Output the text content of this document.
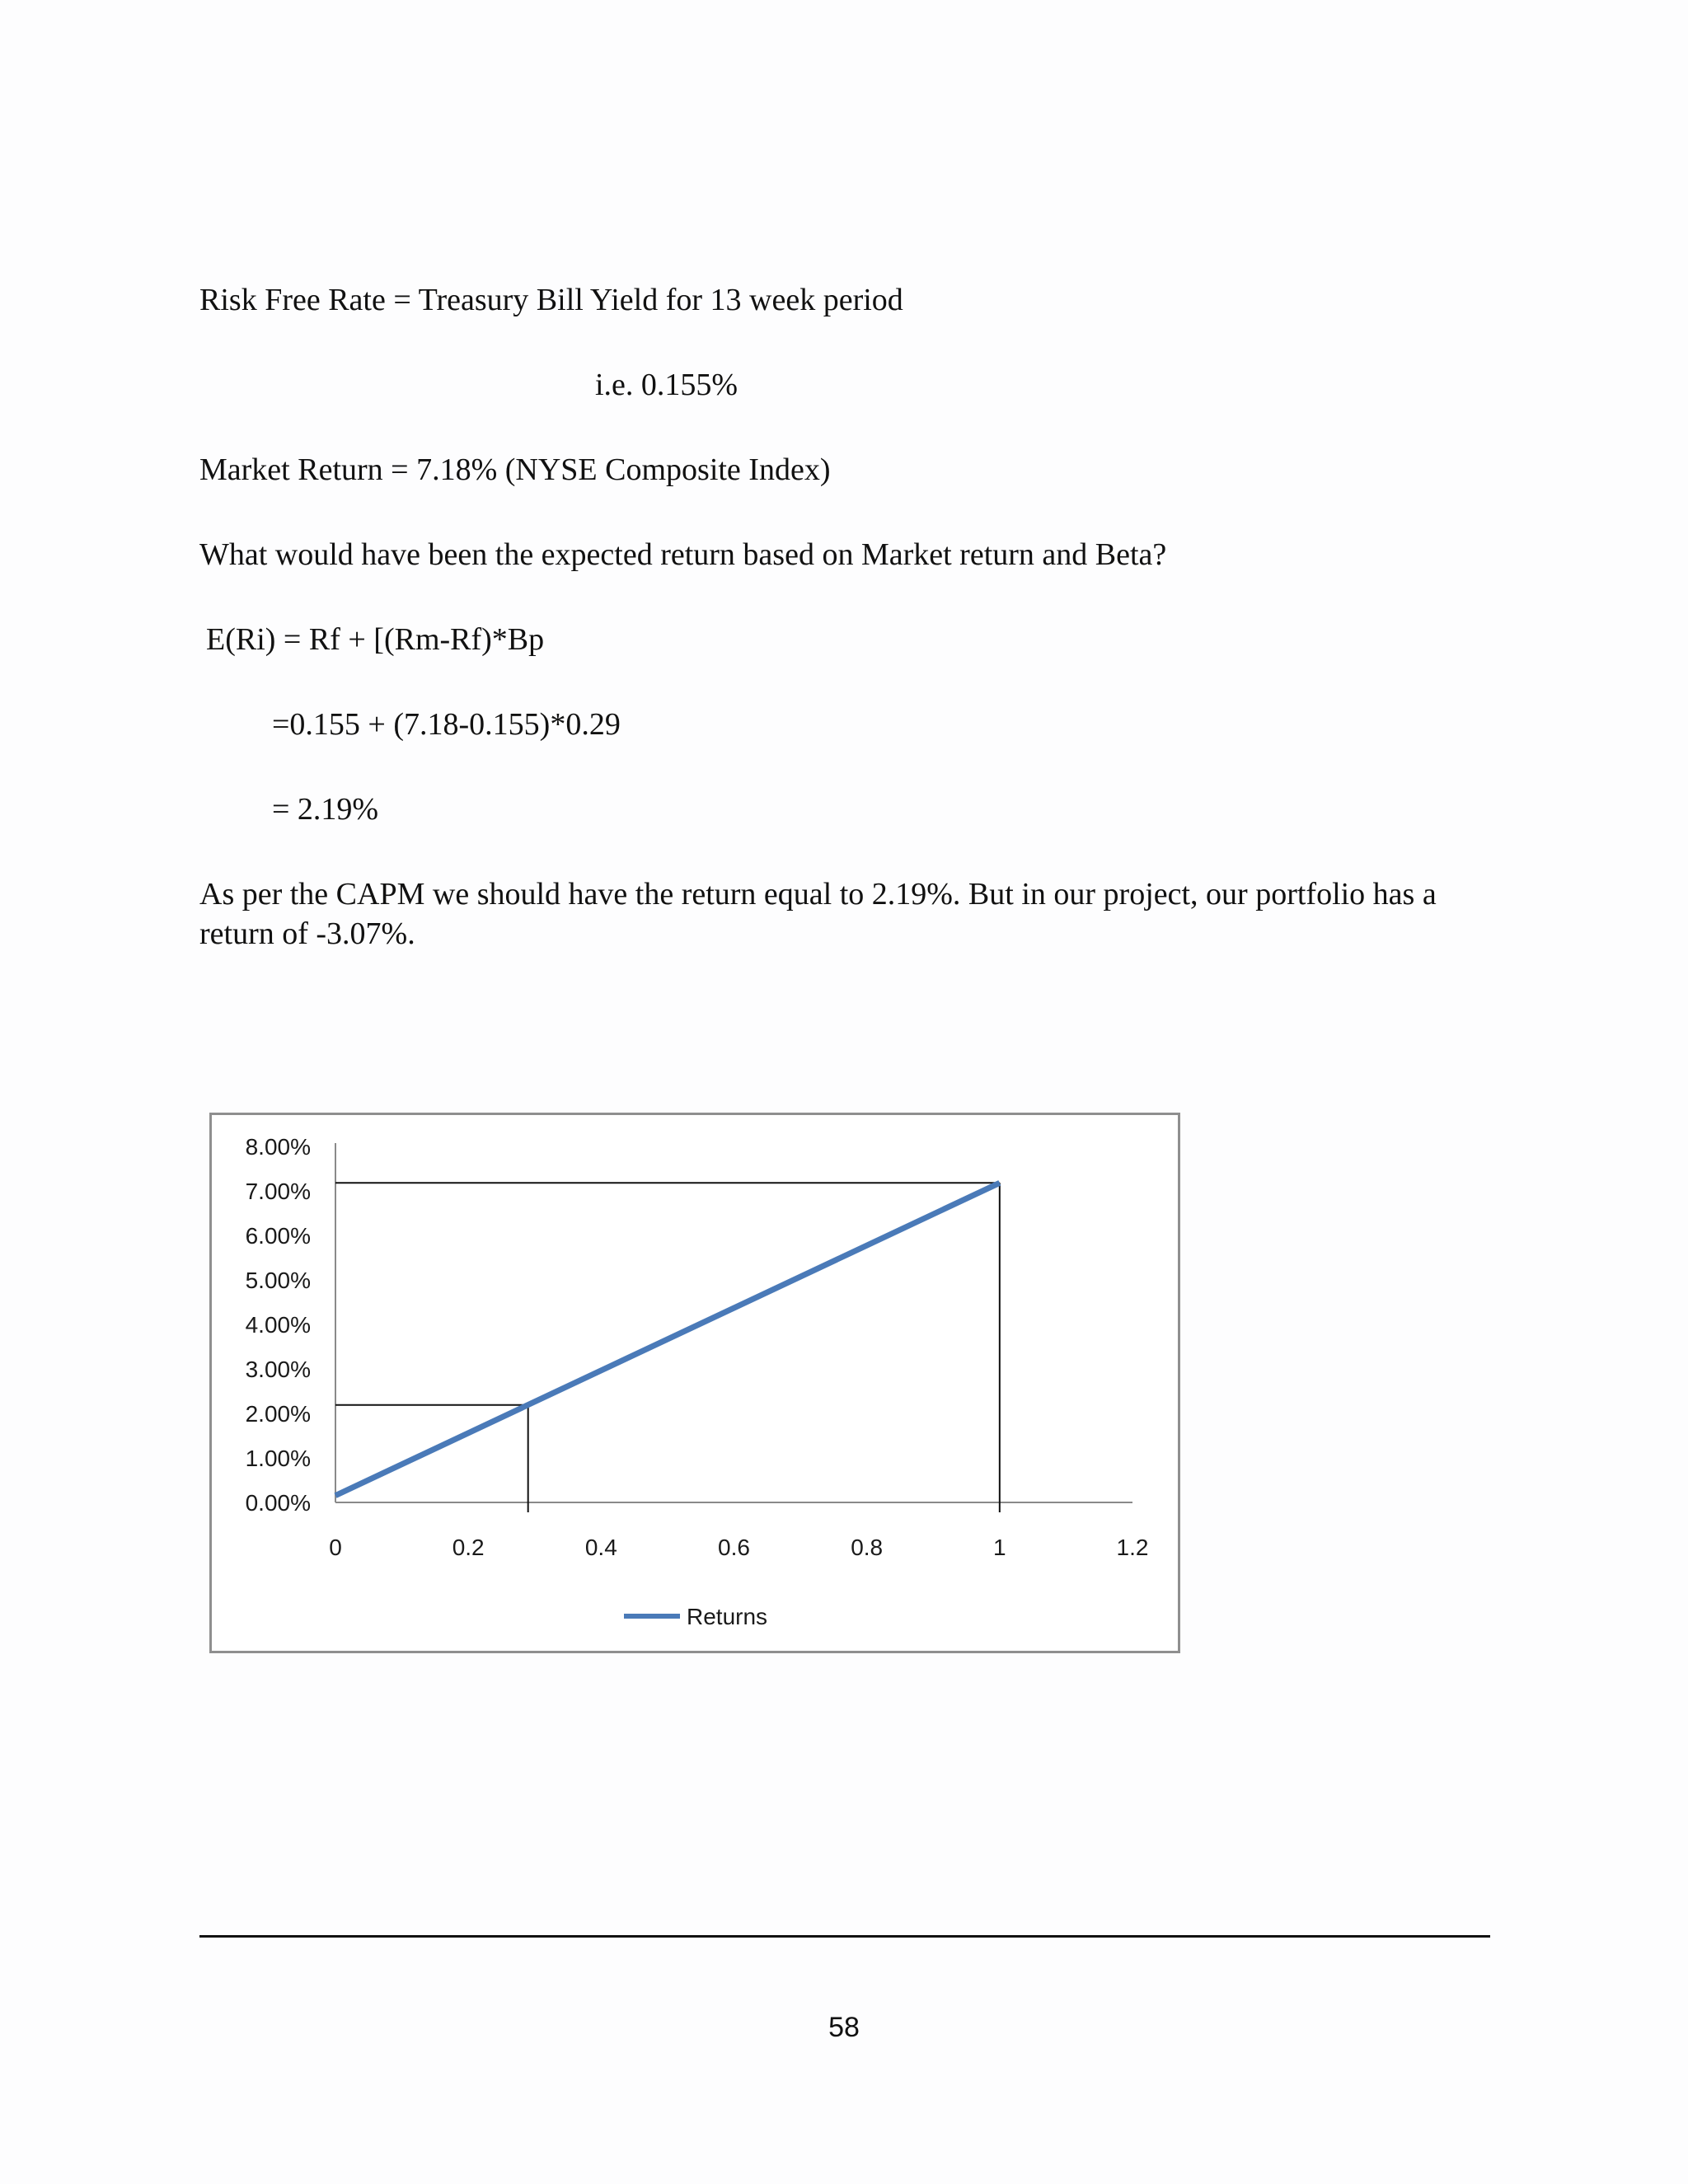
Risk Free Rate = Treasury Bill Yield for 13 week period
i.e. 0.155%
Market Return = 7.18% (NYSE Composite Index)
What would have been the expected return based on Market return and Beta?
E(Ri) = Rf + [(Rm-Rf)*Bp
=0.155 + (7.18-0.155)*0.29
= 2.19%
As per the CAPM we should have the return equal to 2.19%. But in our project, our portfolio has a return of -3.07%.
8.00%
7.00%
6.00%
5.00%
4.00%
3.00%
2.00%
1.00%
0.00%
0	0.2	0.4	0.6	0.8	1	1.2
Returns
58
